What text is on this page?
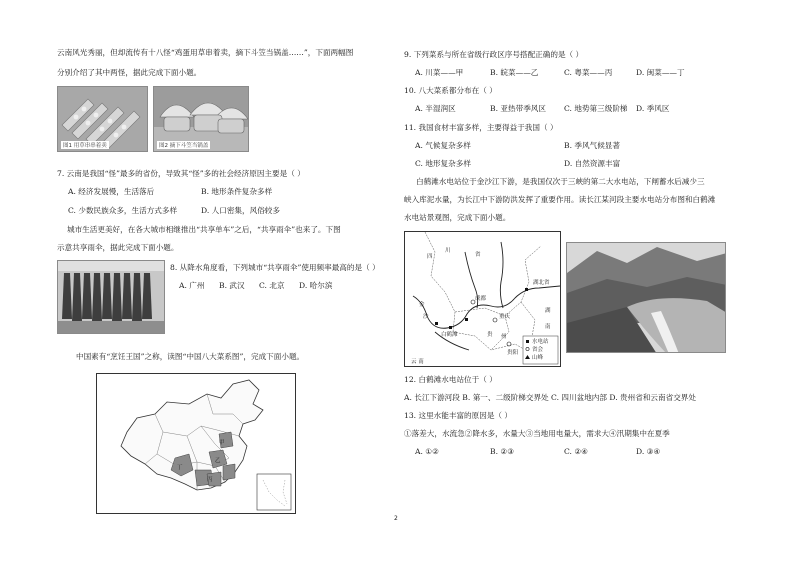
云南风光秀丽，但却流传有十八怪“鸡蛋用草串着卖，摘下斗笠当锅盖……”，下面两幅图
分别介绍了其中两怪，据此完成下面小题。
图1 用草串串着卖	图2 摘下斗笠当锅盖
7. 云南是我国“怪”最多的省份，导致其“怪”多的社会经济原因主要是（ ）
A. 经济发展慢，生活落后	B. 地形条件复杂多样
C. 少数民族众多，生活方式多样	D. 人口密集，风俗较多
城市生活更美好，在各大城市相继推出“共享单车”之后，“共享雨伞”也来了。下图
示意共享雨伞，据此完成下面小题。
8. 从降水角度看，下列城市“共享雨伞”使用频率最高的是（ ）
A. 广州 B. 武汉 C. 北京 D. 哈尔滨
中国素有“烹饪王国”之称，读图“中国八大菜系图”，完成下面小题。
甲
乙
丙
丁
9. 下列菜系与所在省级行政区序号搭配正确的是（ ）
A. 川菜——甲	B. 皖菜——乙	C. 粤菜——丙	D. 闽菜——丁
10. 八大菜系都分布在（ ）
A. 半湿润区	B. 亚热带季风区 C. 地势第三级阶梯 D. 季风区
11. 我国食材丰富多样，主要得益于我国（ ）
A. 气候复杂多样	B. 季风气候显著
C. 地形复杂多样	D. 自然资源丰富
白鹤滩水电站位于金沙江下游，是我国仅次于三峡的第二大水电站，下闸蓄水后减少三
峡入库泥水量，为长江中下游防洪发挥了重要作用。读长江某河段主要水电站分布图和白鹤滩
水电站景观图，完成下面小题。
四
川
省
成都
重庆
湖北省
金
沙
白鹤滩	贵 州
贵阳
湖
南
云 南
水电站
省会
山峰
12. 白鹤滩水电站位于（ ）
A. 长江下游河段 B. 第一、二级阶梯交界处 C. 四川盆地内部 D. 贵州省和云南省交界处
13. 这里水能丰富的原因是（ ）
①落差大，水流急②降水多，水量大③当地用电量大，需求大④汛期集中在夏季
A. ①②	B. ②③	C. ②④	D. ③④
2
